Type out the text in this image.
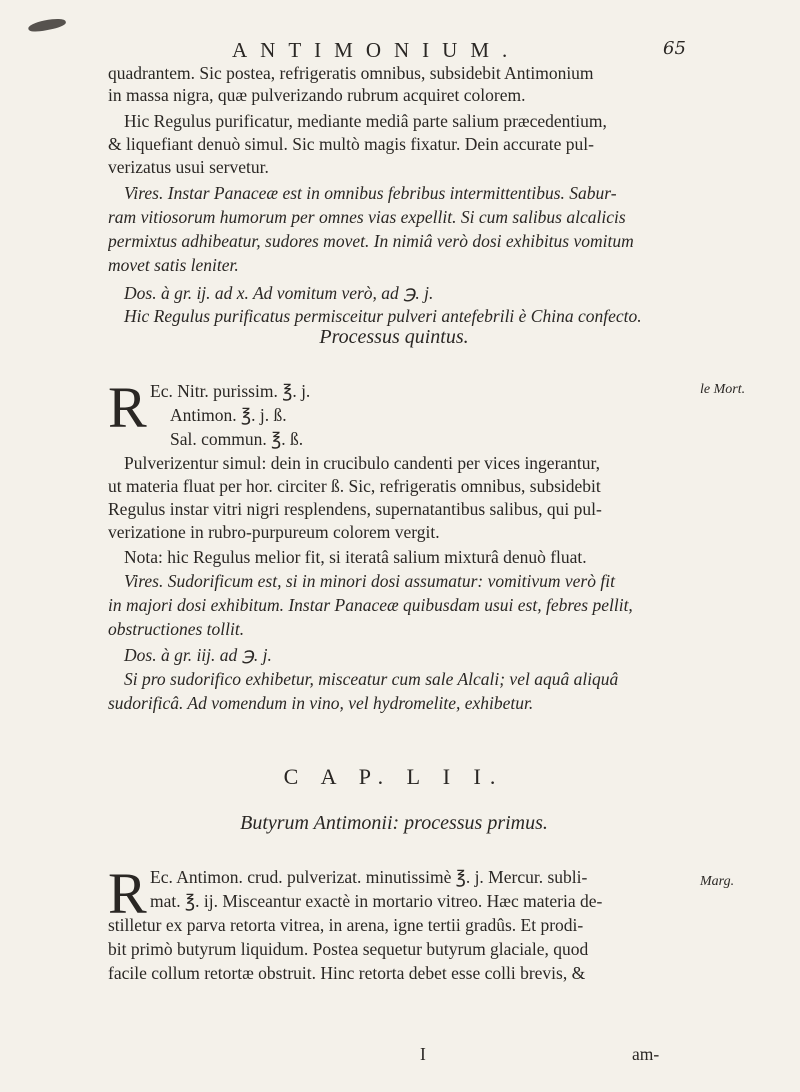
ANTIMONIUM.	65
quadrantem. Sic postea, refrigeratis omnibus, subsidebit Antimonium
in massa nigra, quæ pulverizando rubrum acquiret colorem.
Hic Regulus purificatur, mediante mediâ parte salium præcedentium,
& liquefiant denuò simul. Sic multò magis fixatur. Dein accurate pul-
verizatus usui servetur.
Vires. Instar Panaceæ est in omnibus febribus intermittentibus. Sabur-
ram vitiosorum humorum per omnes vias expellit. Si cum salibus alcalicis
permixtus adhibeatur, sudores movet. In nimiâ verò dosi exhibitus vomitum
movet satis leniter.
Dos. à gr. ij. ad x. Ad vomitum verò, ad ℈. j.
Hic Regulus purificatus permisceitur pulveri antefebrili è China confecto.
Processus quintus.
R Ec. Nitr. purissim. ℥. j.
Antimon. ℥. j. ß.
Sal. commun. ℥. ß.
Pulverizentur simul: dein in crucibulo candenti per vices ingerantur,
ut materia fluat per hor. circiter ß. Sic, refrigeratis omnibus, subsidebit
Regulus instar vitri nigri resplendens, supernatantibus salibus, qui pul-
verizatione in rubro-purpureum colorem vergit.
Nota: hic Regulus melior fit, si iteratâ salium mixturâ denuò fluat.
Vires. Sudorificum est, si in minori dosi assumatur: vomitivum verò fit
in majori dosi exhibitum. Instar Panaceæ quibusdam usui est, febres pellit,
obstructiones tollit.
Dos. à gr. iij. ad ℈. j.
Si pro sudorifico exhibetur, misceatur cum sale Alcali; vel aquâ aliquâ
sudorificâ. Ad vomendum in vino, vel hydromelite, exhibetur.
le Mort.
C A P. L I I.
Butyrum Antimonii: processus primus.
R Ec. Antimon. crud. pulverizat. minutissimè ℥. j. Mercur. subli-
mat. ℥. ij. Misceantur exactè in mortario vitreo. Hæc materia de-
stilletur ex parva retorta vitrea, in arena, igne tertii gradûs. Et prodi-
bit primò butyrum liquidum. Postea sequetur butyrum glaciale, quod
facile collum retortæ obstruit. Hinc retorta debet esse colli brevis, &
Marg.
I	am-
